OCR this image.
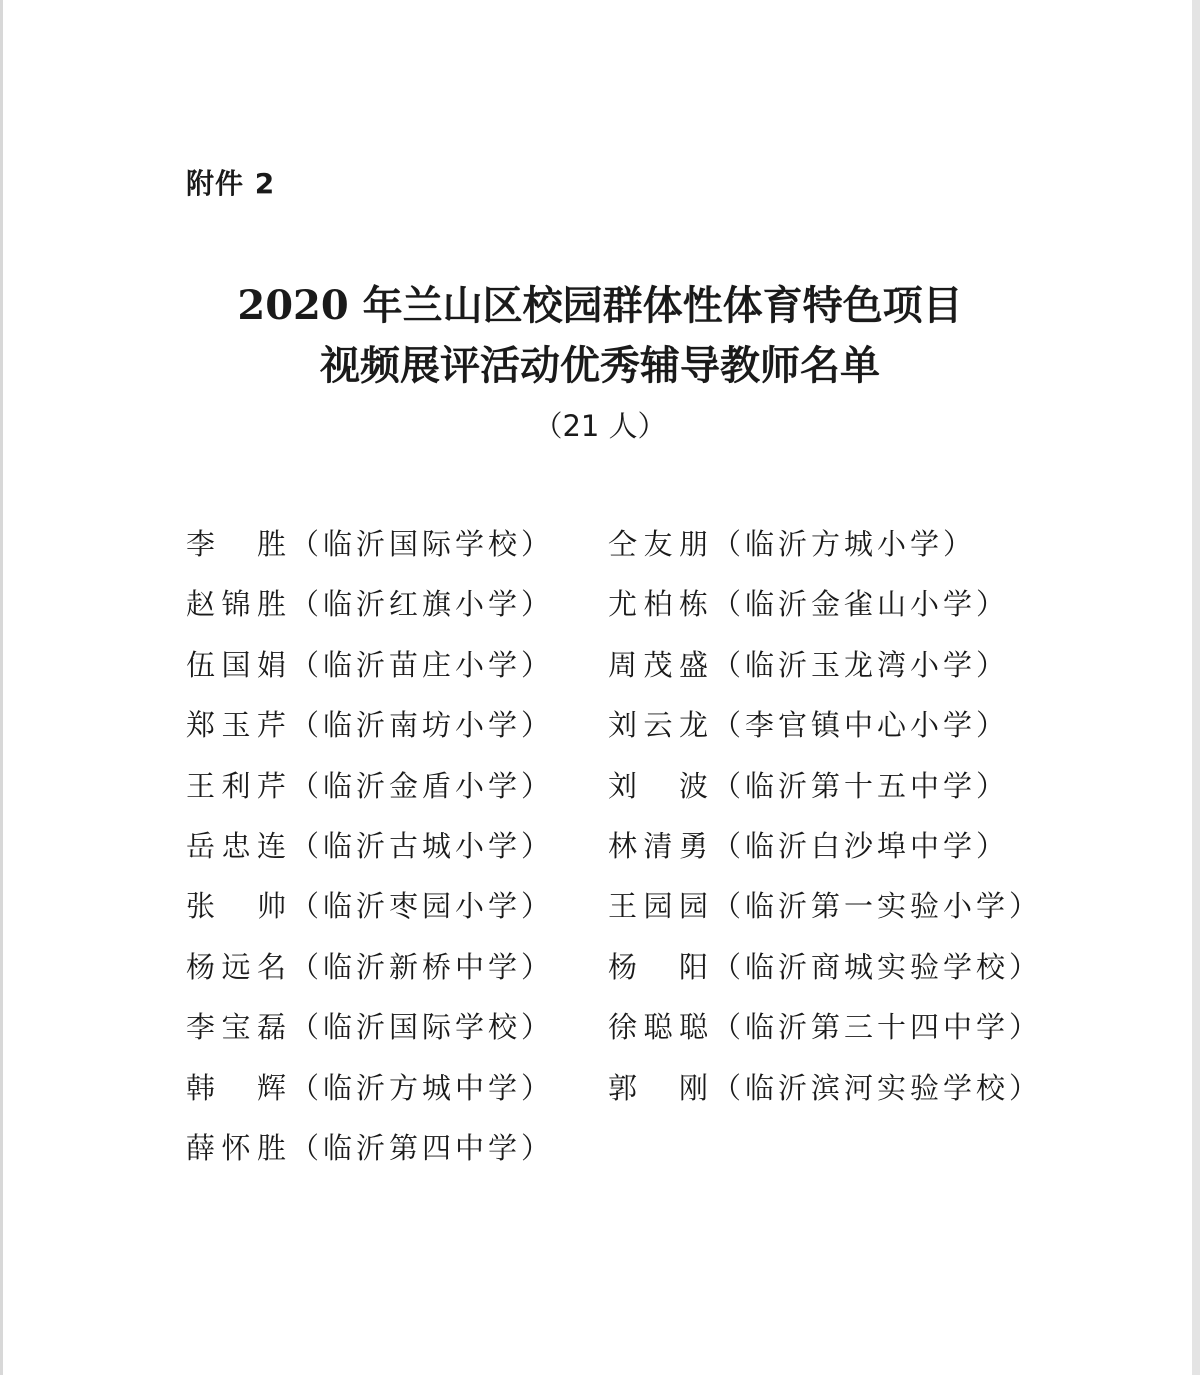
附件 2
2020 年兰山区校园群体性体育特色项目
视频展评活动优秀辅导教师名单
（21 人）
李 胜 （临沂国际学校）
赵 锦 胜 （临沂红旗小学）
伍 国 娟 （临沂苗庄小学）
郑 玉 芹 （临沂南坊小学）
王 利 芹 （临沂金盾小学）
岳 忠 连 （临沂古城小学）
张 帅 （临沂枣园小学）
杨 远 名 （临沂新桥中学）
李 宝 磊 （临沂国际学校）
韩 辉 （临沂方城中学）
薛 怀 胜 （临沂第四中学）
仝 友 朋 （临沂方城小学）
尤 柏 栋 （临沂金雀山小学）
周 茂 盛 （临沂玉龙湾小学）
刘 云 龙 （李官镇中心小学）
刘 波 （临沂第十五中学）
林 清 勇 （临沂白沙埠中学）
王 园 园 （临沂第一实验小学）
杨 阳 （临沂商城实验学校）
徐 聪 聪 （临沂第三十四中学）
郭 刚 （临沂滨河实验学校）
